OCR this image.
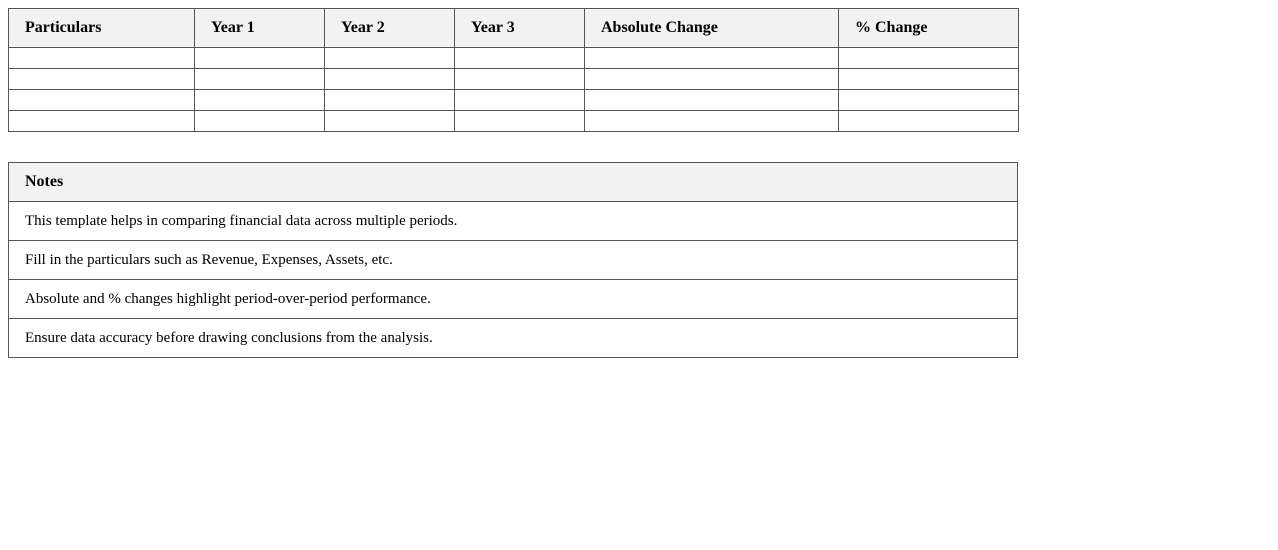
Particulars	Year 1	Year 2	Year 3	Absolute Change	% Change

Notes
This template helps in comparing financial data across multiple periods.
Fill in the particulars such as Revenue, Expenses, Assets, etc.
Absolute and % changes highlight period-over-period performance.
Ensure data accuracy before drawing conclusions from the analysis.
